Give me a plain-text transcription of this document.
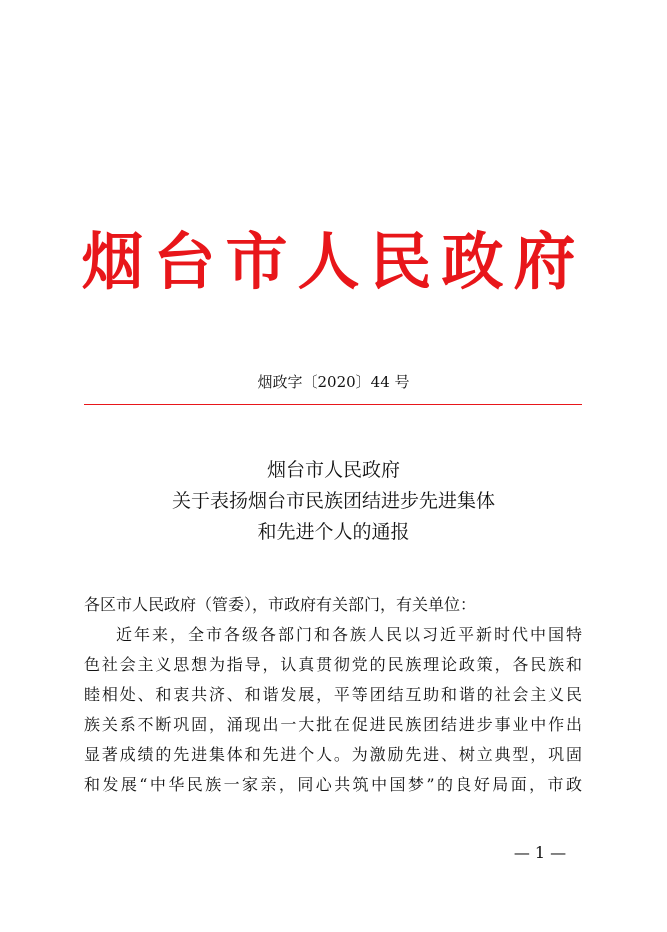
烟台市人民政府
烟政字〔2020〕44 号
烟台市人民政府
关于表扬烟台市民族团结进步先进集体
和先进个人的通报
各区市人民政府（管委），市政府有关部门，有关单位：
近年来，全市各级各部门和各族人民以习近平新时代中国特
色社会主义思想为指导，认真贯彻党的民族理论政策，各民族和
睦相处、和衷共济、和谐发展，平等团结互助和谐的社会主义民
族关系不断巩固，涌现出一大批在促进民族团结进步事业中作出
显著成绩的先进集体和先进个人。为激励先进、树立典型，巩固
和发展“中华民族一家亲，同心共筑中国梦”的良好局面，市政
— 1 —
